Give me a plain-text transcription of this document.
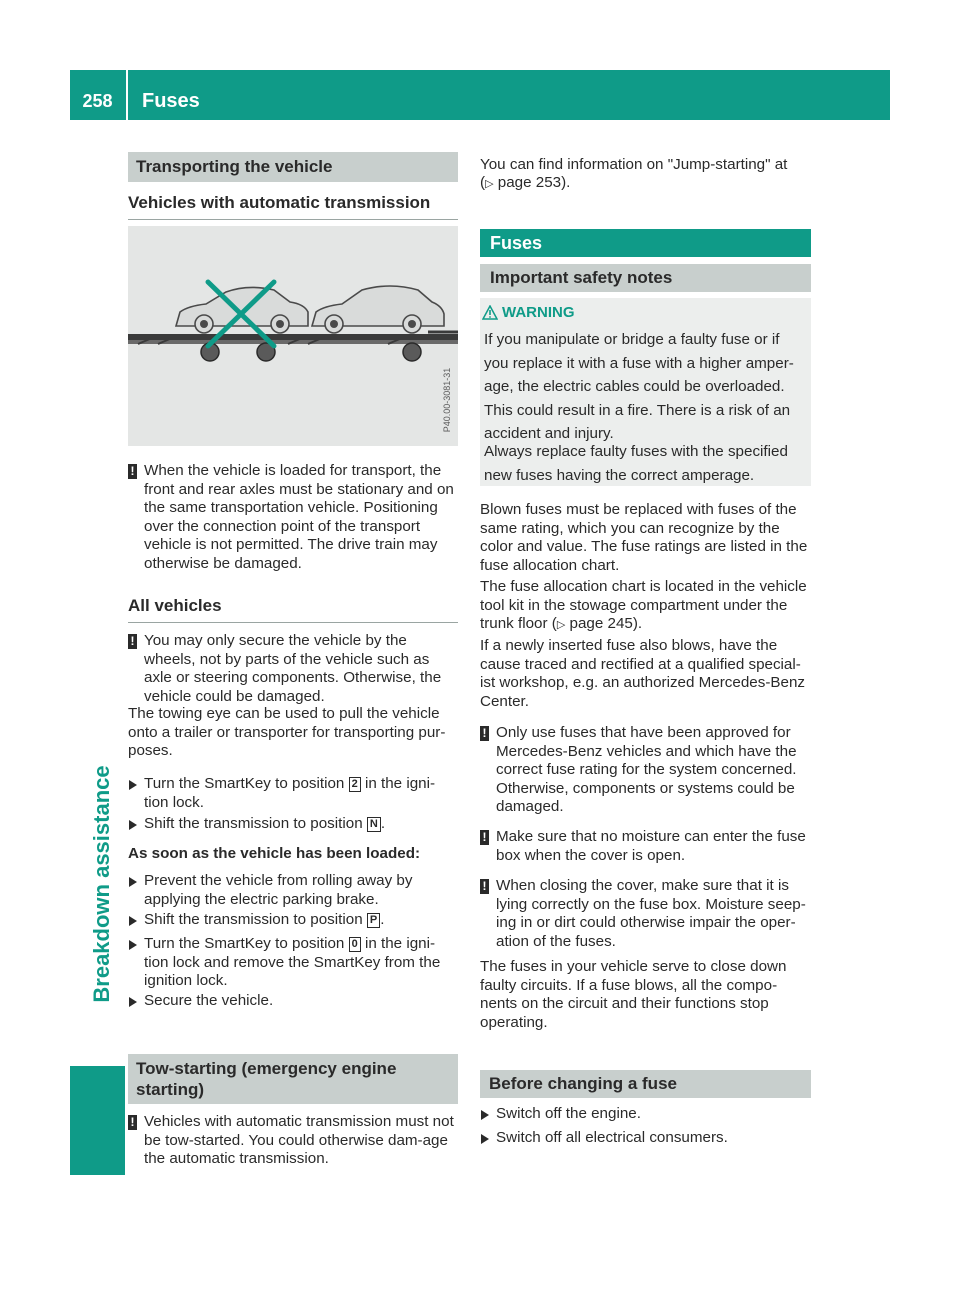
258	Fuses
Breakdown assistance
Transporting the vehicle
Vehicles with automatic transmission
P40.00-3081-31
! When the vehicle is loaded for transport, the front and rear axles must be stationary and on the same transportation vehicle. Positioning over the connection point of the transport vehicle is not permitted. The drive train may otherwise be damaged.

All vehicles
! You may only secure the vehicle by the wheels, not by parts of the vehicle such as axle or steering components. Otherwise, the vehicle could be damaged.

The towing eye can be used to pull the vehicle onto a trailer or transporter for transporting pur-poses.

Turn the SmartKey to position 2 in the igni-tion lock.

Shift the transmission to position N .

As soon as the vehicle has been loaded:

Prevent the vehicle from rolling away by applying the electric parking brake.

Shift the transmission to position P .

Turn the SmartKey to position 0 in the igni-tion lock and remove the SmartKey from the ignition lock.

Secure the vehicle.

Tow-starting (emergency engine starting)
! Vehicles with automatic transmission must not be tow-started. You could otherwise dam-age the automatic transmission.

You can find information on "Jump-starting" at

(▷ page 253).

Fuses
Important safety notes
WARNING

If you manipulate or bridge a faulty fuse or if you replace it with a fuse with a higher amper-age, the electric cables could be overloaded. This could result in a fire. There is a risk of an accident and injury.

Always replace faulty fuses with the specified new fuses having the correct amperage.

Blown fuses must be replaced with fuses of the same rating, which you can recognize by the color and value. The fuse ratings are listed in the fuse allocation chart.

The fuse allocation chart is located in the vehicle tool kit in the stowage compartment under the trunk floor (▷ page 245).

If a newly inserted fuse also blows, have the cause traced and rectified at a qualified special-ist workshop, e.g. an authorized Mercedes-Benz Center.

! Only use fuses that have been approved for Mercedes-Benz vehicles and which have the correct fuse rating for the system concerned. Otherwise, components or systems could be damaged.

! Make sure that no moisture can enter the fuse box when the cover is open.

! When closing the cover, make sure that it is lying correctly on the fuse box. Moisture seep-ing in or dirt could otherwise impair the oper-ation of the fuses.

The fuses in your vehicle serve to close down faulty circuits. If a fuse blows, all the compo-nents on the circuit and their functions stop operating.

Before changing a fuse

Switch off the engine.

Switch off all electrical consumers.
